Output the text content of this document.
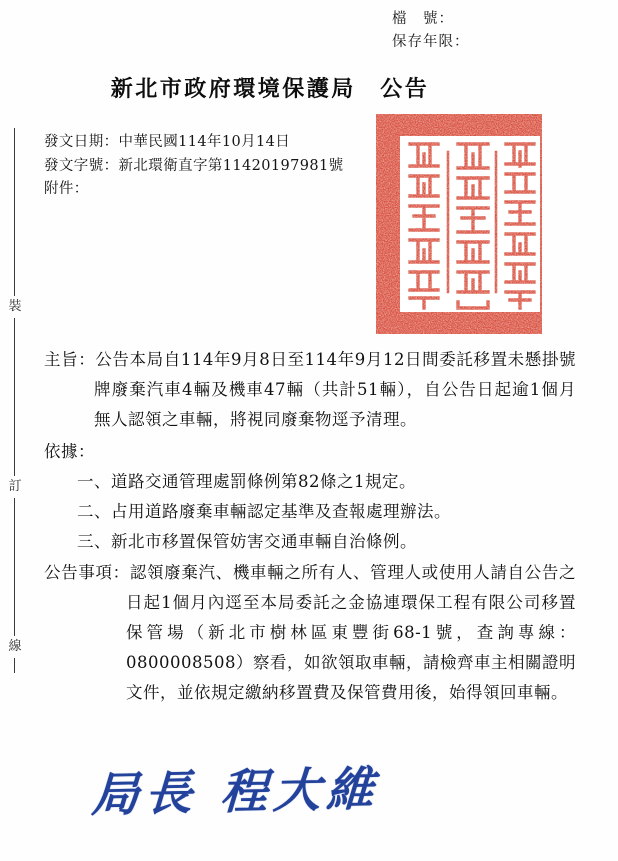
檔　號：
保存年限：
新北市政府環境保護局　公告
發文日期：中華民國114年10月14日
發文字號：新北環衛直字第11420197981號
附件：
裝
訂
線

主旨：公告本局自114年9月8日至114年9月12日間委託移置未懸掛號牌廢棄汽車4輛及機車47輛（共計51輛），自公告日起逾1個月無人認領之車輛，將視同廢棄物逕予清理。

依據：

一、道路交通管理處罰條例第82條之1規定。
二、占用道路廢棄車輛認定基準及查報處理辦法。
三、新北市移置保管妨害交通車輛自治條例。

公告事項：認領廢棄汽、機車輛之所有人、管理人或使用人請自公告之日起1個月內逕至本局委託之金協連環保工程有限公司移置保管場（新北市樹林區東豐街68-1號，查詢專線：0800008508）察看，如欲領取車輛，請檢齊車主相關證明文件，並依規定繳納移置費及保管費用後，始得領回車輛。

局長 程大維
